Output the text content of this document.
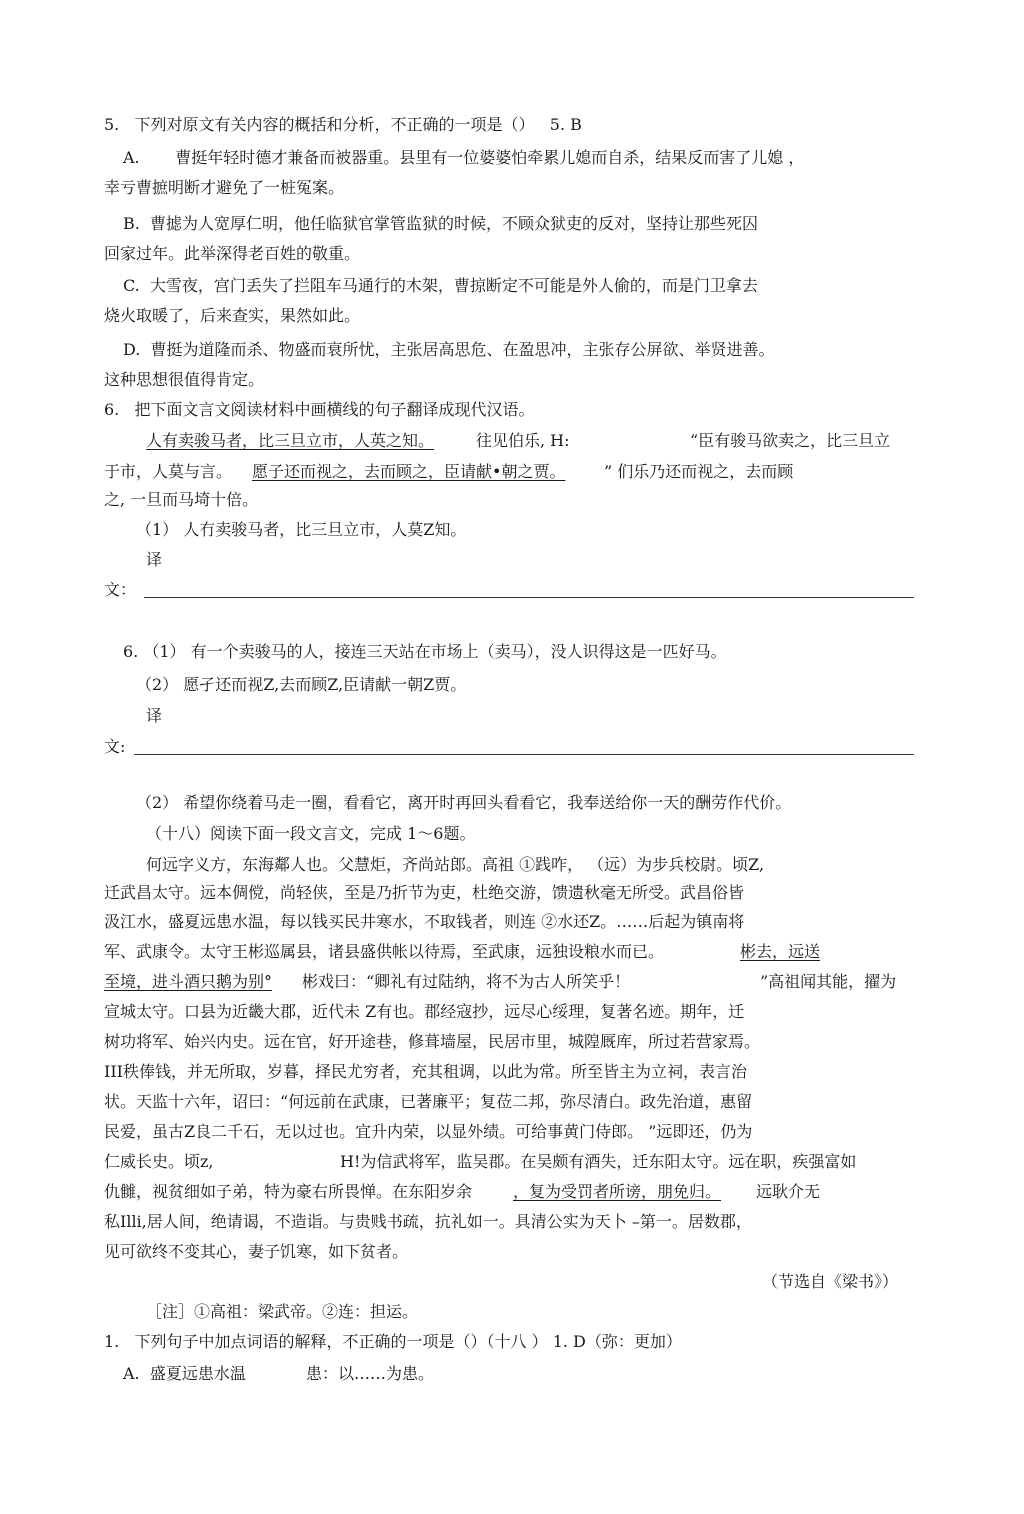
5.   下列对原文有关内容的概括和分析，不正确的一项是（）   5. B
A.       曹挺年轻时德才兼备而被器重。县里有一位婆婆怕牵累儿媳而自杀，结果反而害了儿媳 ，
幸亏曹摭明断才避免了一桩冤案。
B.  曹摅为人宽厚仁明，他任临狱官掌管监狱的时候，不顾众狱吏的反对，坚持让那些死囚
回家过年。此举深得老百姓的敬重。
C.  大雪夜，宫门丢失了拦阻车马通行的木架，曹掠断定不可能是外人偷的，而是门卫拿去
烧火取暖了，后来查实，果然如此。
D.  曹挺为道隆而杀、物盛而衰所忧，主张居高思危、在盈思冲，主张存公屏欲、举贤进善。
这种思想很值得肯定。
6.   把下面文言文阅读材料中画横线的句子翻译成现代汉语。
人有卖骏马者，比三旦立市，人英之知。	往见伯乐, H:	“臣有骏马欲卖之，比三旦立
于市，人莫与言。 愿子还而视之，去而顾之，臣请献•朝之贾。 ” 们乐乃还而视之，去而顾
之, 一旦而马埼十倍。
（1） 人冇卖骏马者，比三旦立市，人莫Z知。
译
文：
6. （1） 有一个卖骏马的人，接连三天站在市场上（卖马），没人识得这是一匹好马。
（2） 愿孑还而视Z,去而顾Z,臣请献一朝Z贾。
译
文:
（2） 希望你绕着马走一圈，看看它，离开时再回头看看它，我奉送给你一天的酬劳作代价。
（十八）阅读下面一段文言文，完成 1～6题。
何远字义方，东海鄰人也。父慧炬，齐尚站郎。高祖 ①践咋， （远）为步兵校尉。顷Z,
迁武昌太守。远本倜傥，尚轻侠，至是乃折节为吏，杜绝交游，馈遗秋毫无所受。武昌俗皆
汲江水，盛夏远患水温，每以钱买民井寒水，不取钱者，则连 ②水还Z。……后起为镇南将
军、武康令。太守王彬巡属县，诸县盛供帐以待焉，至武康，远独设粮水而已。	彬去，远送
至境，进斗酒只鹅为别° 彬戏曰：“卿礼有过陆纳，将不为古人所笑乎！	”高祖闻其能，擢为
宣城太守。口县为近畿大郡，近代未 Z有也。郡经寇抄，远尽心绥理，复著名迹。期年，迁
树功将军、始兴内史。远在官，好开途巷，修葺墙屋，民居市里，城隍厩库，所过若营家焉。
III秩俸钱，并无所取，岁暮，择民尤穷者，充其租调，以此为常。所至皆主为立祠，表言治
状。天监十六年，诏曰：“何远前在武康，已著廉平；复莅二邦，弥尽清白。政先治道，惠留
民爱，虽古Z良二千石，无以过也。宜升内荣，以显外绩。可给事黄门侍郎。 ”远即还，仍为
仁威长史。顷z,	H!为信武将军，监吴郡。在吴颇有酒失，迁东阳太守。远在职，疾强富如
仇雠，视贫细如子弟，特为豪右所畏惮。在东阳岁余	，复为受罚者所谤，朋免归。 远耿介无
私Illi,居人间，绝请谒，不造诣。与贵贱书疏，抗礼如一。具清公实为天卜 –第一。居数郡，
见可欲终不变其心，妻子饥寒，如下贫者。
（节选自《梁书》）
［注］①高祖：梁武帝。②连：担运。
1.   下列句子中加点词语的解释，不正确的一项是（）（十八 ） 1. D（弥：更加）
A.  盛夏远患水温	患：以……为患。
